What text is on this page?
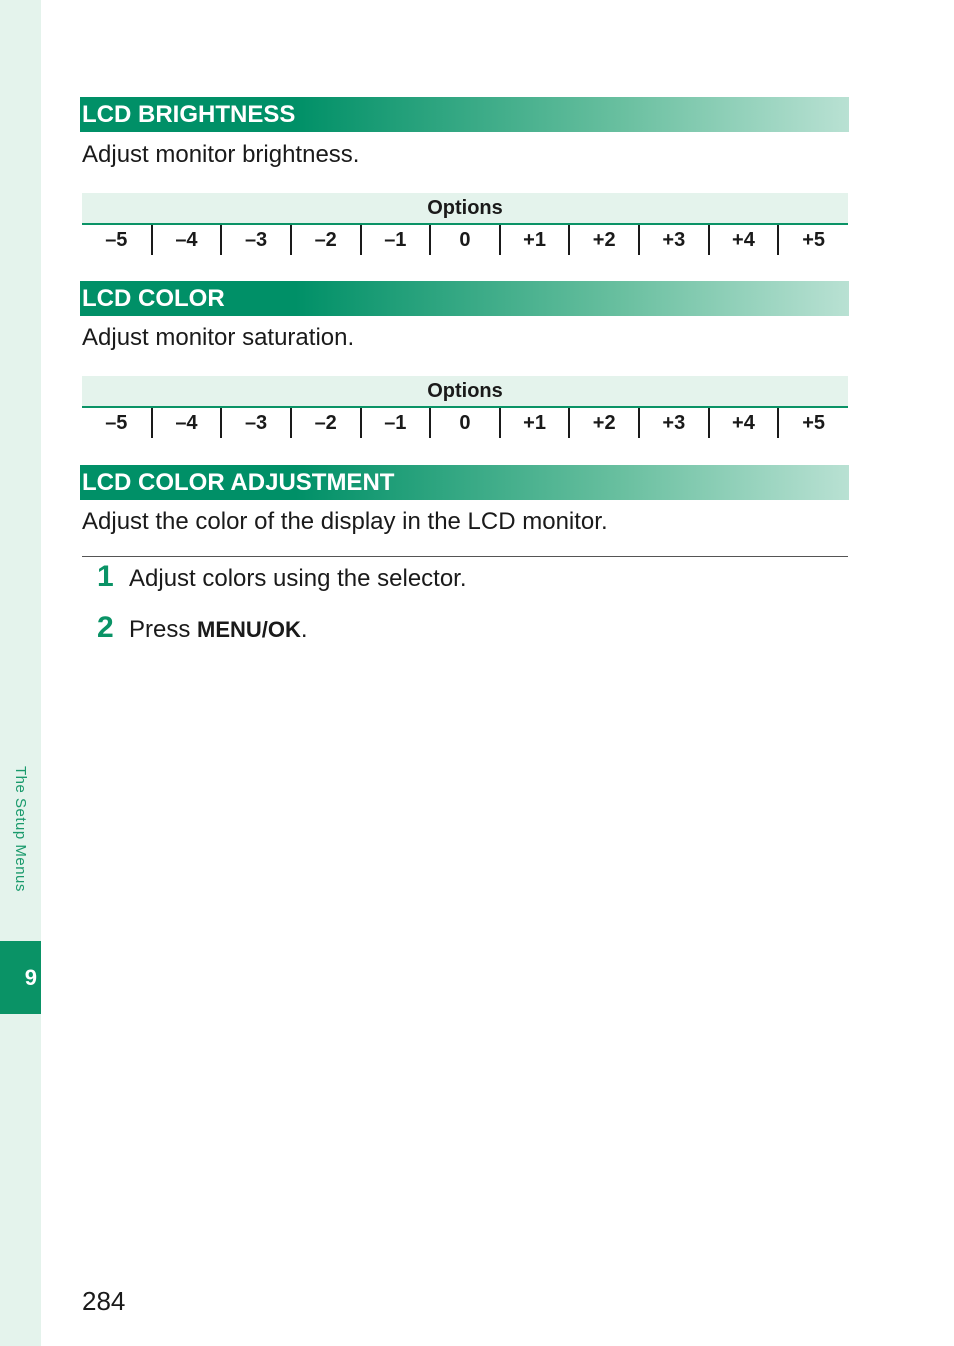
The Setup Menus
9
LCD BRIGHTNESS
Adjust monitor brightness.
Options
–5	–4	–3	–2	–1	0	+1	+2	+3	+4	+5
LCD COLOR
Adjust monitor saturation.
Options
–5	–4	–3	–2	–1	0	+1	+2	+3	+4	+5
LCD COLOR ADJUSTMENT
Adjust the color of the display in the LCD monitor.
1 Adjust colors using the selector.
2 Press MENU/OK .
284
